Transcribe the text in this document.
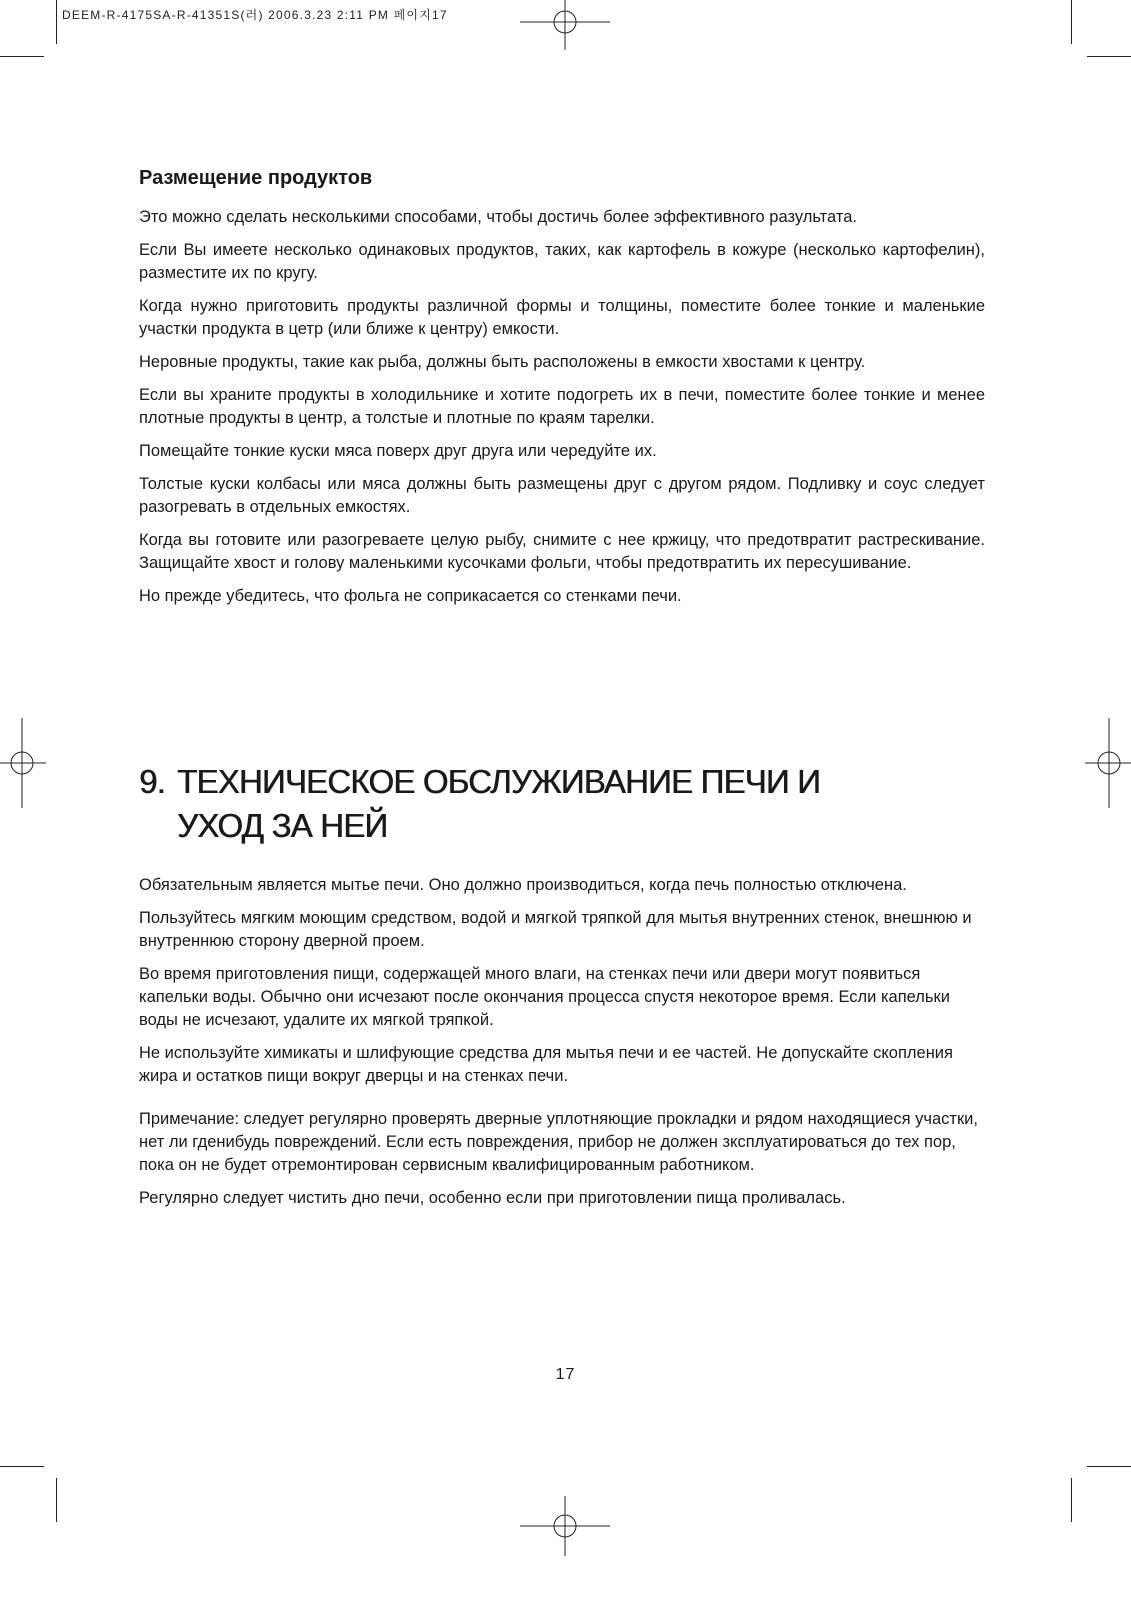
DEEM-R-4175SA-R-41351S(러) 2006.3.23 2:11 PM 페이지17
Размещение продуктов

Это можно сделать несколькими способами, чтобы достичь более эффективного разультата.

Если Вы имеете несколько одинаковых продуктов, таких, как картофель в кожуре (несколько картофелин), разместите их по кругу.

Когда нужно приготовить продукты различной формы и толщины, поместите более тонкие и маленькие участки продукта в цетр (или ближе к центру) емкости.

Неровные продукты, такие как рыба, должны быть расположены в емкости хвостами к центру.

Если вы храните продукты в холодильнике и хотите подогреть их в печи, поместите более тонкие и менее плотные продукты в центр, а толстые и плотные по краям тарелки.

Помещайте тонкие куски мяса поверх друг друга или чередуйте их.

Толстые куски колбасы или мяса должны быть размещены друг с другом рядом. Подливку и соус следует разогревать в отдельных емкостях.

Когда вы готовите или разогреваете целую рыбу, снимите с нее кржицу, что предотвратит растрескивание. Защищайте хвост и голову маленькими кусочками фольги, чтобы предотвратить их пересушивание.

Но прежде убедитесь, что фольга не соприкасается со стенками печи.

9. ТЕХНИЧЕСКОЕ ОБСЛУЖИВАНИЕ ПЕЧИ И
УХОД ЗА НЕЙ

Обязательным является мытье печи. Оно должно производиться, когда печь полностью отключена.

Пользуйтесь мягким моющим средством, водой и мягкой тряпкой для мытья внутренних стенок, внешнюю и внутреннюю сторону дверной проем.

Во время приготовления пищи, содержащей много влаги, на стенках печи или двери могут появиться капельки воды. Обычно они исчезают после окончания процесса спустя некоторое время. Если капельки воды не исчезают, удалите их мягкой тряпкой.

Не используйте химикаты и шлифующие средства для мытья печи и ее частей. Не допускайте скопления жира и остатков пищи вокруг дверцы и на стенках печи.

Примечание: следует регулярно проверять дверные уплотняющие прокладки и рядом находящиеся участки, нет ли гденибудь повреждений. Если есть повреждения, прибор не должен зксплуатироваться до тех пор, пока он не будет отремонтирован сервисным квалифицированным работником.

Регулярно следует чистить дно печи, особенно если при приготовлении пища проливалась.

17
